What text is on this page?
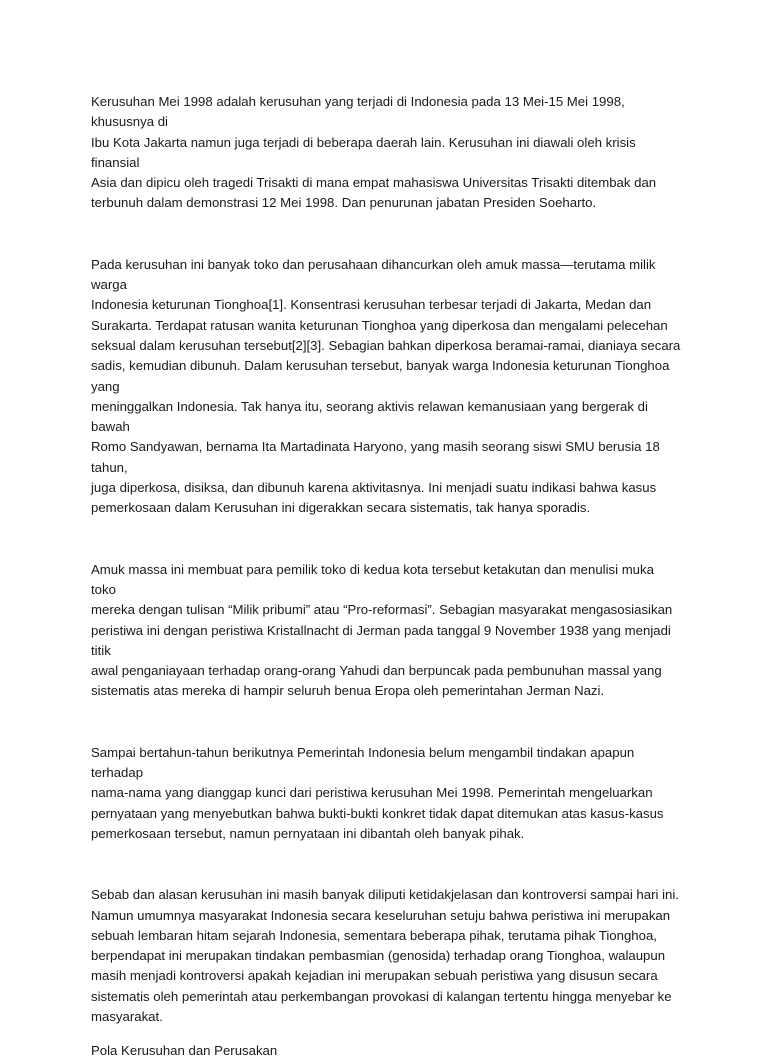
Kerusuhan Mei 1998 adalah kerusuhan yang terjadi di Indonesia pada 13 Mei-15 Mei 1998, khususnya di
Ibu Kota Jakarta namun juga terjadi di beberapa daerah lain. Kerusuhan ini diawali oleh krisis finansial
Asia dan dipicu oleh tragedi Trisakti di mana empat mahasiswa Universitas Trisakti ditembak dan
terbunuh dalam demonstrasi 12 Mei 1998. Dan penurunan jabatan Presiden Soeharto.

Pada kerusuhan ini banyak toko dan perusahaan dihancurkan oleh amuk massa—terutama milik warga
Indonesia keturunan Tionghoa[1]. Konsentrasi kerusuhan terbesar terjadi di Jakarta, Medan dan
Surakarta. Terdapat ratusan wanita keturunan Tionghoa yang diperkosa dan mengalami pelecehan
seksual dalam kerusuhan tersebut[2][3]. Sebagian bahkan diperkosa beramai-ramai, dianiaya secara
sadis, kemudian dibunuh. Dalam kerusuhan tersebut, banyak warga Indonesia keturunan Tionghoa yang
meninggalkan Indonesia. Tak hanya itu, seorang aktivis relawan kemanusiaan yang bergerak di bawah
Romo Sandyawan, bernama Ita Martadinata Haryono, yang masih seorang siswi SMU berusia 18 tahun,
juga diperkosa, disiksa, dan dibunuh karena aktivitasnya. Ini menjadi suatu indikasi bahwa kasus
pemerkosaan dalam Kerusuhan ini digerakkan secara sistematis, tak hanya sporadis.

Amuk massa ini membuat para pemilik toko di kedua kota tersebut ketakutan dan menulisi muka toko
mereka dengan tulisan “Milik pribumi” atau “Pro-reformasi”. Sebagian masyarakat mengasosiasikan
peristiwa ini dengan peristiwa Kristallnacht di Jerman pada tanggal 9 November 1938 yang menjadi titik
awal penganiayaan terhadap orang-orang Yahudi dan berpuncak pada pembunuhan massal yang
sistematis atas mereka di hampir seluruh benua Eropa oleh pemerintahan Jerman Nazi.

Sampai bertahun-tahun berikutnya Pemerintah Indonesia belum mengambil tindakan apapun terhadap
nama-nama yang dianggap kunci dari peristiwa kerusuhan Mei 1998. Pemerintah mengeluarkan
pernyataan yang menyebutkan bahwa bukti-bukti konkret tidak dapat ditemukan atas kasus-kasus
pemerkosaan tersebut, namun pernyataan ini dibantah oleh banyak pihak.

Sebab dan alasan kerusuhan ini masih banyak diliputi ketidakjelasan dan kontroversi sampai hari ini.
Namun umumnya masyarakat Indonesia secara keseluruhan setuju bahwa peristiwa ini merupakan
sebuah lembaran hitam sejarah Indonesia, sementara beberapa pihak, terutama pihak Tionghoa,
berpendapat ini merupakan tindakan pembasmian (genosida) terhadap orang Tionghoa, walaupun
masih menjadi kontroversi apakah kejadian ini merupakan sebuah peristiwa yang disusun secara
sistematis oleh pemerintah atau perkembangan provokasi di kalangan tertentu hingga menyebar ke
masyarakat.

Pola Kerusuhan dan Perusakan
